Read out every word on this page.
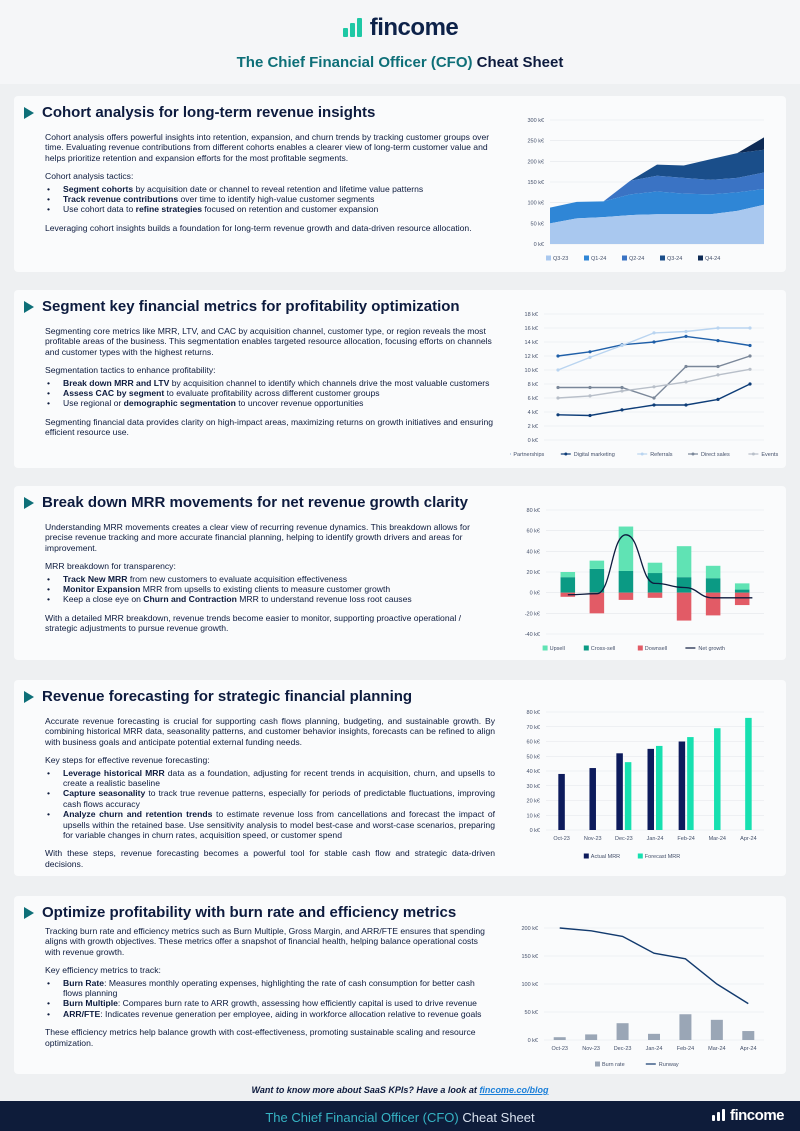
fincome
The Chief Financial Officer (CFO) Cheat Sheet
Cohort analysis for long-term revenue insights

Cohort analysis offers powerful insights into retention, expansion, and churn trends by tracking customer groups over time. Evaluating revenue contributions from different cohorts enables a clearer view of long-term customer value and helps prioritize retention and expansion efforts for the most profitable segments.

Cohort analysis tactics:

• Segment cohorts by acquisition date or channel to reveal retention and lifetime value patterns
• Track revenue contributions over time to identify high-value customer segments
• Use cohort data to refine strategies focused on retention and customer expansion

Leveraging cohort insights builds a foundation for long-term revenue growth and data-driven resource allocation.

0 k€
50 k€
100 k€
150 k€
200 k€
250 k€
300 k€
Q3-23	Q1-24	Q2-24	Q3-24	Q4-24
Segment key financial metrics for profitability optimization

Segmenting core metrics like MRR, LTV, and CAC by acquisition channel, customer type, or region reveals the most profitable areas of the business. This segmentation enables targeted resource allocation, focusing efforts on channels and customer types with the highest returns.

Segmentation tactics to enhance profitability:

• Break down MRR and LTV by acquisition channel to identify which channels drive the most valuable customers
• Assess CAC by segment to evaluate profitability across different customer groups
• Use regional or demographic segmentation to uncover revenue opportunities

Segmenting financial data provides clarity on high-impact areas, maximizing returns on growth initiatives and ensuring efficient resource use.

0 k€
2 k€
4 k€
6 k€
8 k€
10 k€
12 k€
14 k€
16 k€
18 k€
Partnerships	Digital marketing	Referrals	Direct sales	Events
Break down MRR movements for net revenue growth clarity

Understanding MRR movements creates a clear view of recurring revenue dynamics. This breakdown allows for precise revenue tracking and more accurate financial planning, helping to identify growth drivers and areas for improvement.

MRR breakdown for transparency:

• Track New MRR from new customers to evaluate acquisition effectiveness
• Monitor Expansion MRR from upsells to existing clients to measure customer growth
• Keep a close eye on Churn and Contraction MRR to understand revenue loss root causes

With a detailed MRR breakdown, revenue trends become easier to monitor, supporting proactive operational / strategic adjustments to pursue revenue growth.

-40 k€
-20 k€
0 k€
20 k€
40 k€
60 k€
80 k€
Upsell	Cross-sell	Downsell	Net growth
Revenue forecasting for strategic financial planning

Accurate revenue forecasting is crucial for supporting cash flows planning, budgeting, and sustainable growth. By combining historical MRR data, seasonality patterns, and customer behavior insights, forecasts can be refined to align with business goals and anticipate potential external funding needs.

Key steps for effective revenue forecasting:

• Leverage historical MRR data as a foundation, adjusting for recent trends in acquisition, churn, and upsells to create a realistic baseline
• Capture seasonality to track true revenue patterns, especially for periods of predictable fluctuations, improving cash flows accuracy
• Analyze churn and retention trends to estimate revenue loss from cancellations and forecast the impact of upsells within the retained base. Use sensitivity analysis to model best-case and worst-case scenarios, preparing for variable changes in churn rates, acquisition speed, or customer spend

With these steps, revenue forecasting becomes a powerful tool for stable cash flow and strategic data-driven decisions.

0 k€
10 k€
20 k€
30 k€
40 k€
50 k€
60 k€
70 k€
80 k€
Oct-23	Nov-23 Dec-23	Jan-24	Feb-24 Mar-24	Apr-24
Actual MRR	Forecast MRR
Optimize profitability with burn rate and efficiency metrics

Tracking burn rate and efficiency metrics such as Burn Multiple, Gross Margin, and ARR/FTE ensures that spending aligns with growth objectives. These metrics offer a snapshot of financial health, helping balance operational costs with revenue growth.

Key efficiency metrics to track:

• Burn Rate: Measures monthly operating expenses, highlighting the rate of cash consumption for better cash flows planning
• Burn Multiple: Compares burn rate to ARR growth, assessing how efficiently capital is used to drive revenue
• ARR/FTE: Indicates revenue generation per employee, aiding in workforce allocation relative to revenue goals

These efficiency metrics help balance growth with cost-effectiveness, promoting sustainable scaling and resource optimization.	0 k€
50 k€
100 k€
150 k€
200 k€
Oct-23	Nov-23 Dec-23	Jan-24	Feb-24	Mar-24	Apr-24
Burn rate	Runway
Want to know more about SaaS KPIs? Have a look at fincome.co/blog
The Chief Financial Officer (CFO) Cheat Sheet	fincome
